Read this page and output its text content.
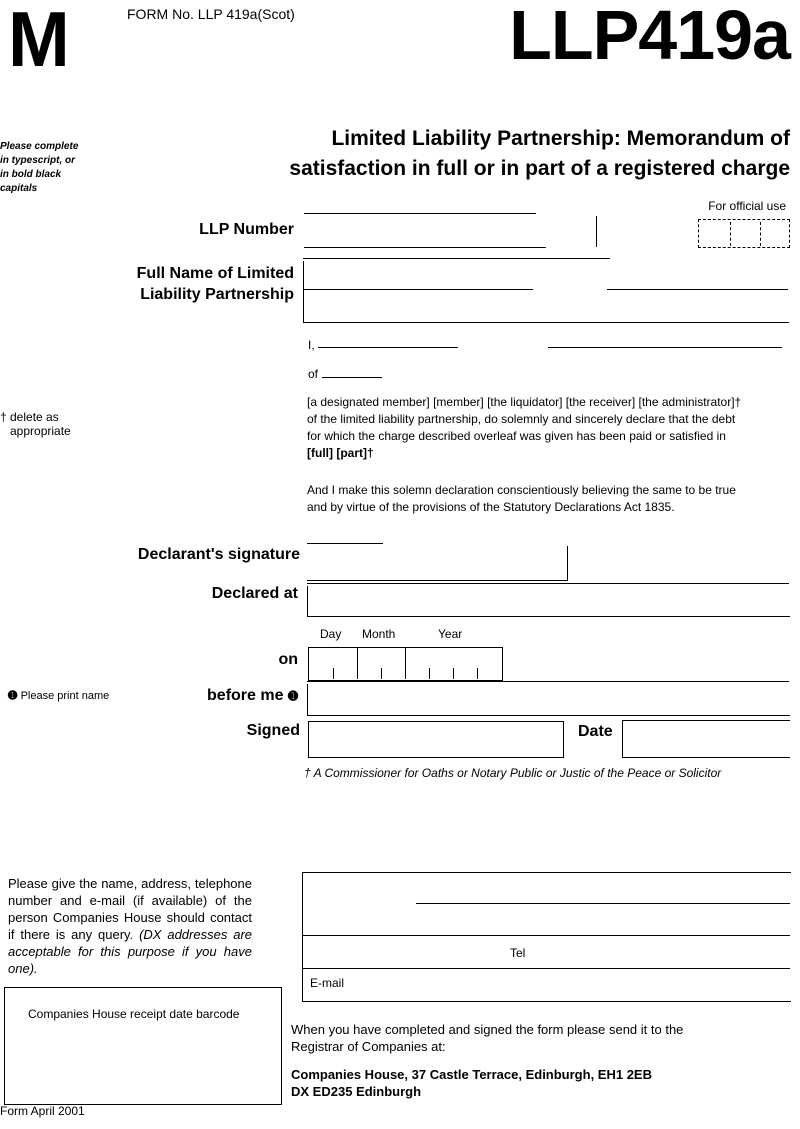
M	FORM No. LLP 419a(Scot)	LLP419a
Please complete
in typescript, or
in bold black
capitals
Limited Liability Partnership: Memorandum of
satisfaction in full or in part of a registered charge
For official use
LLP Number
Full Name of Limited
Liability Partnership
I,
of
† delete as
appropriate
[a designated member] [member] [the liquidator] [the receiver] [the administrator]†
of the limited liability partnership, do solemnly and sincerely declare that the debt
for which the charge described overleaf was given has been paid or satisfied in
[full] [part]†
And I make this solemn declaration conscientiously believing the same to be true
and by virtue of the provisions of the Statutory Declarations Act 1835.
Declarant's signature
Declared at
Day Month	Year
on
➊ Please print name	before me ➊
Signed	Date
† A Commissioner for Oaths or Notary Public or Justic of the Peace or Solicitor
Please give the name, address, telephone number and e-mail (if available) of the person Companies House should contact if there is any query. (DX addresses are acceptable for this purpose if you have one).
Tel
E-mail
Companies House receipt date barcode
When you have completed and signed the form please send it to the
Registrar of Companies at:
Companies House, 37 Castle Terrace, Edinburgh, EH1 2EB
DX ED235 Edinburgh
Form April 2001
